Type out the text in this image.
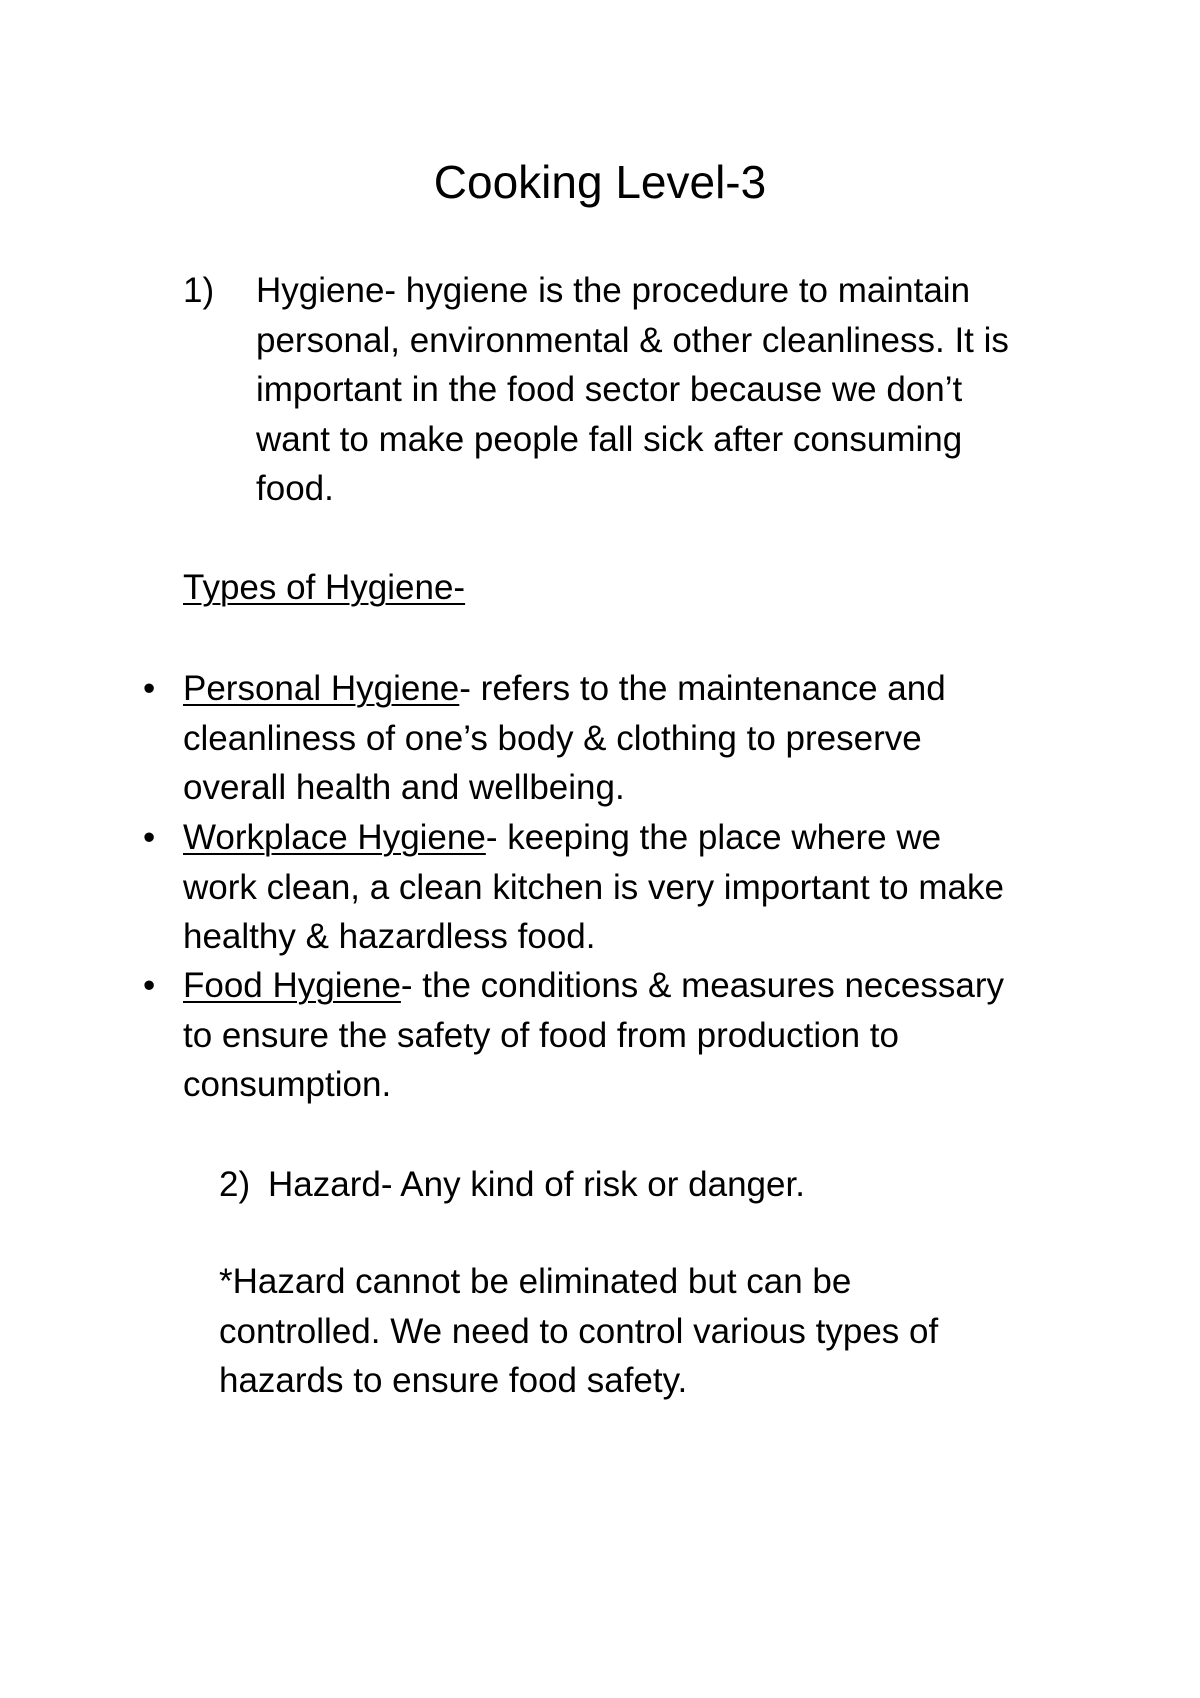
Cooking Level-3
1) Hygiene- hygiene is the procedure to maintain
personal, environmental & other cleanliness. It is
important in the food sector because we don’t
want to make people fall sick after consuming
food.
Types of Hygiene-
• Personal Hygiene- refers to the maintenance and
cleanliness of one’s body & clothing to preserve
overall health and wellbeing.
• Workplace Hygiene- keeping the place where we
work clean, a clean kitchen is very important to make
healthy & hazardless food.
• Food Hygiene- the conditions & measures necessary
to ensure the safety of food from production to
consumption.
2) Hazard- Any kind of risk or danger.
*Hazard cannot be eliminated but can be
controlled. We need to control various types of
hazards to ensure food safety.
